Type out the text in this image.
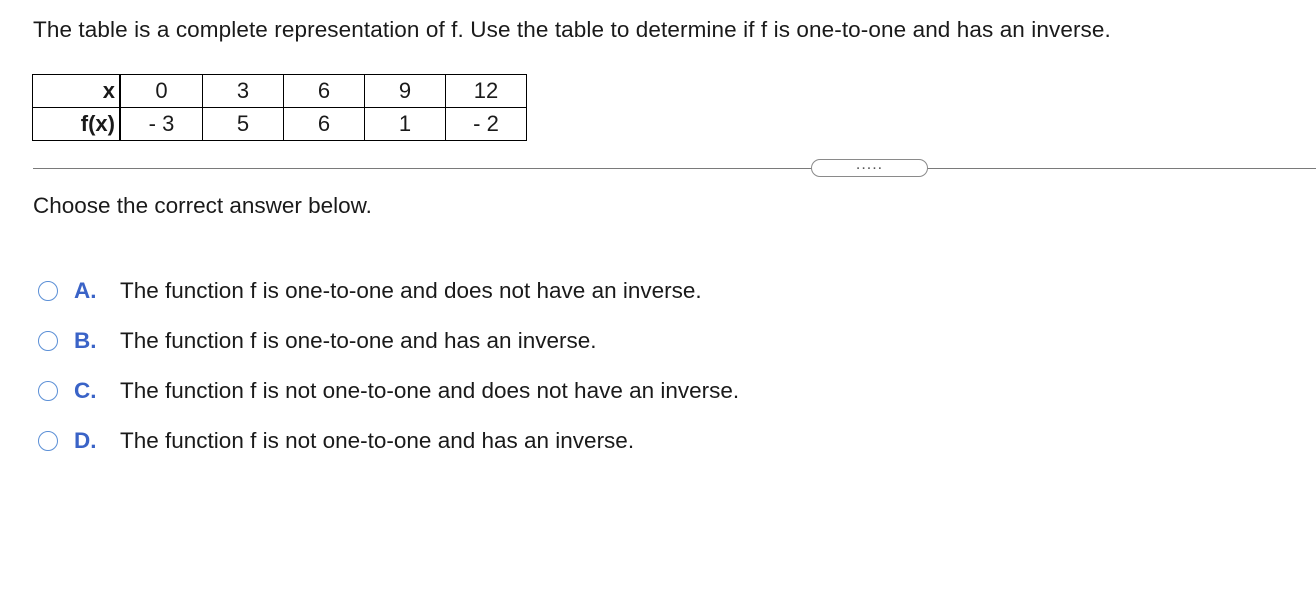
The table is a complete representation of f. Use the table to determine if f is one-to-one and has an inverse.
x	0	3	6	9	12
f(x)	- 3	5	6	1	- 2
.....
Choose the correct answer below.
A.	The function f is one-to-one and does not have an inverse.
B.	The function f is one-to-one and has an inverse.
C.	The function f is not one-to-one and does not have an inverse.
D.	The function f is not one-to-one and has an inverse.
